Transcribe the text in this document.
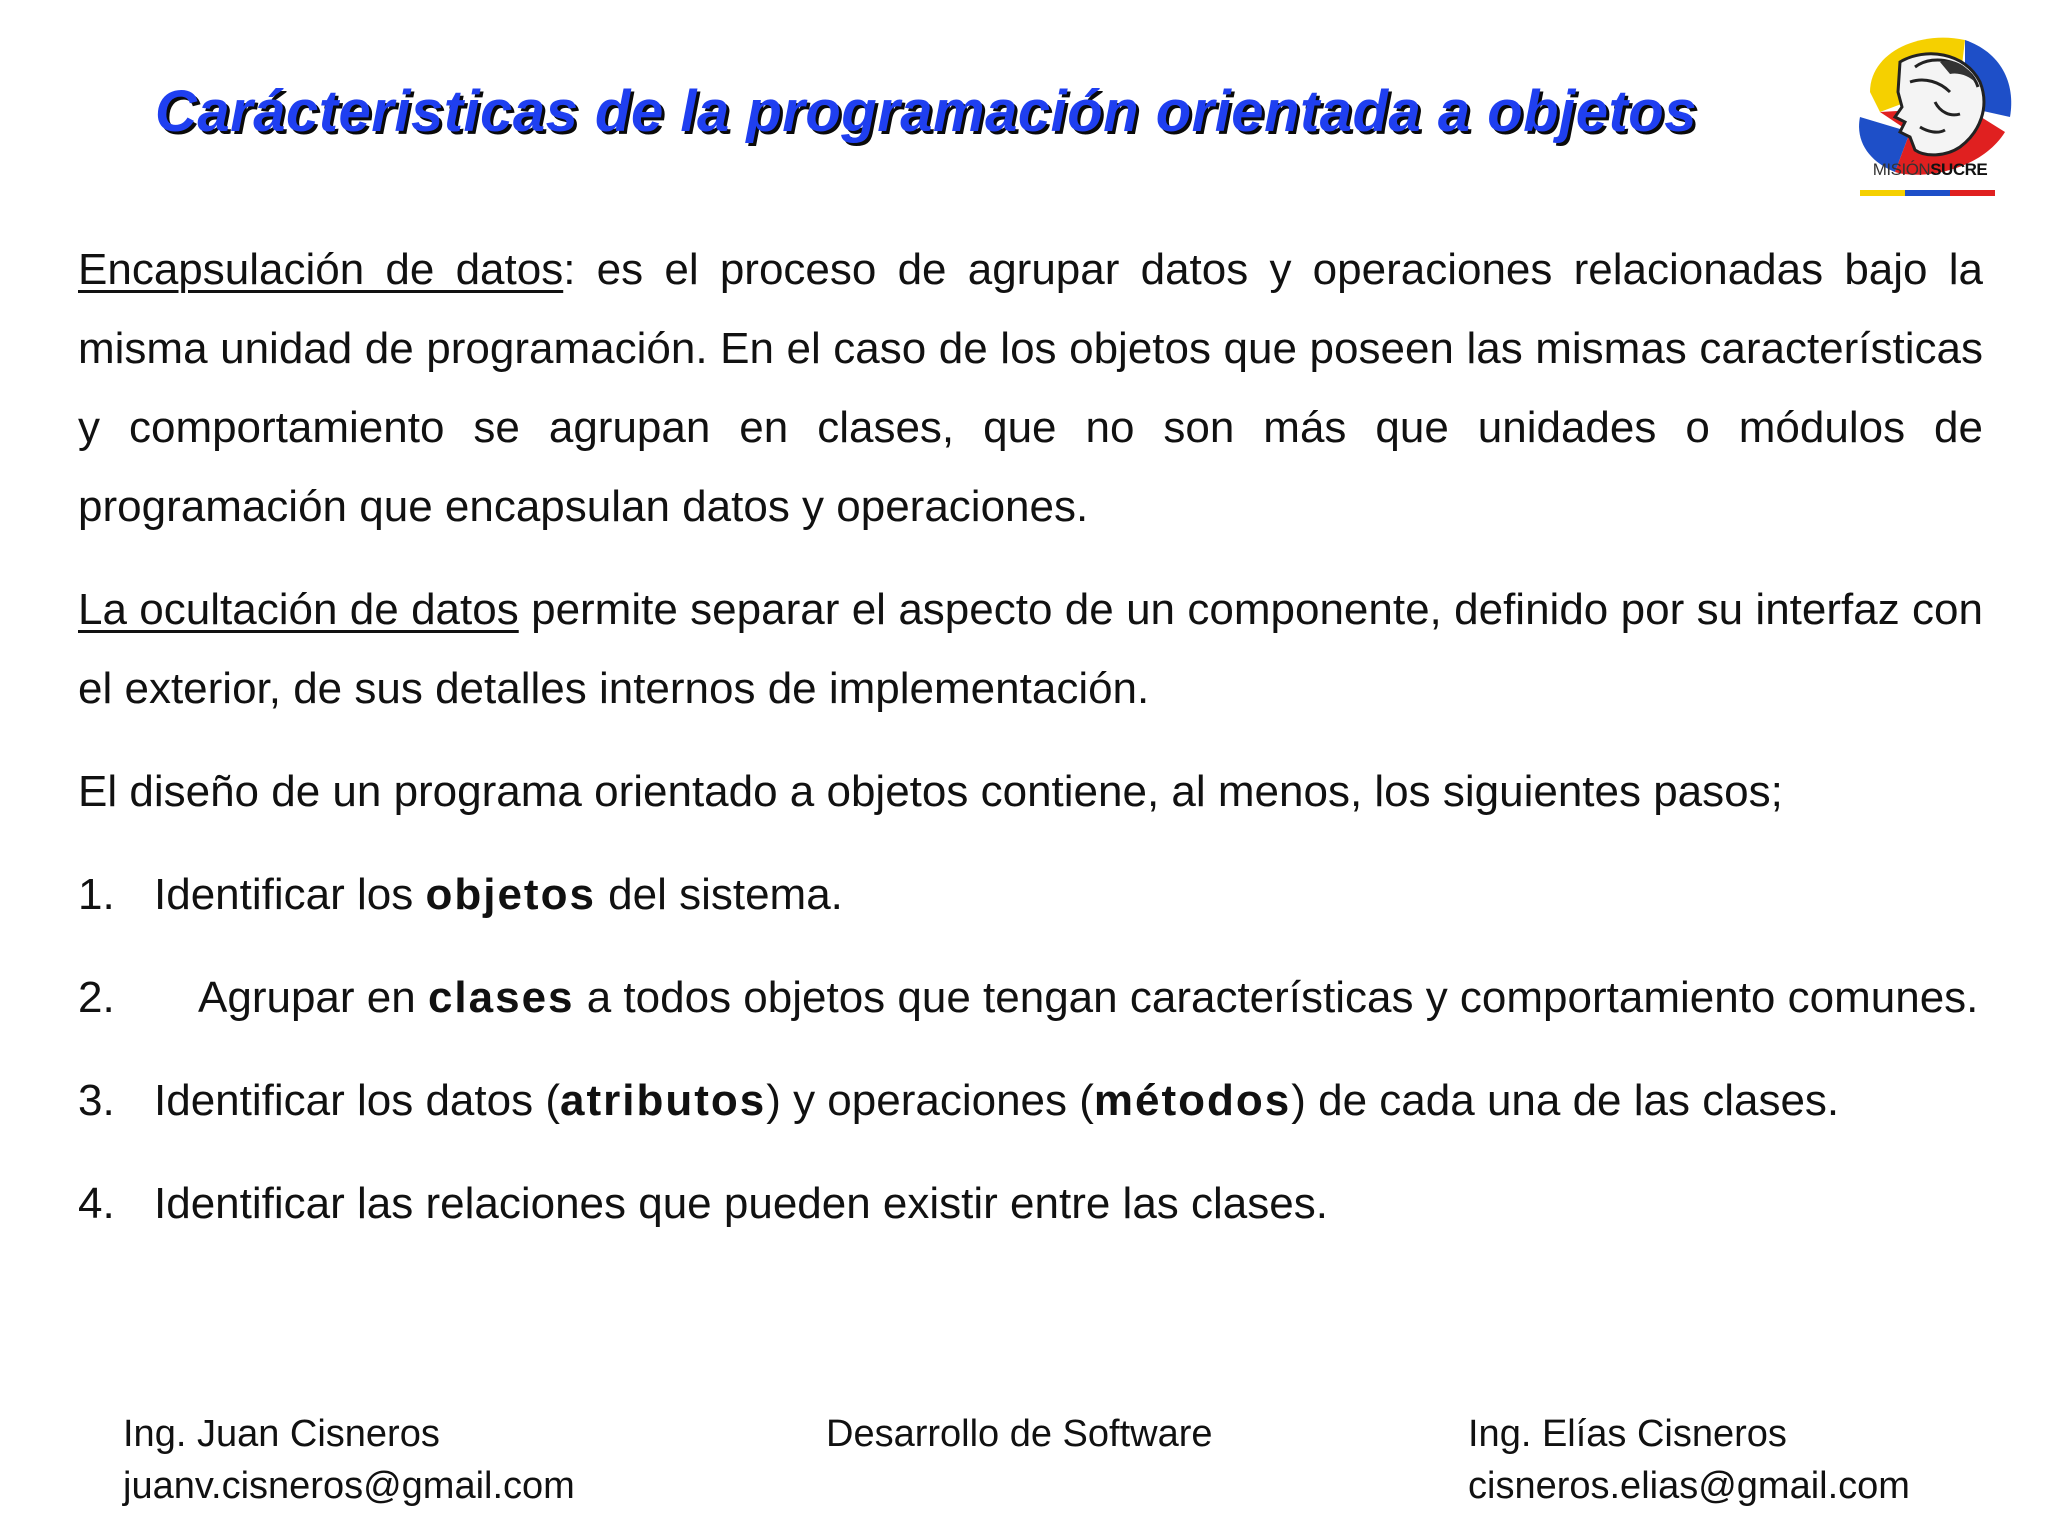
Carácteristicas de la programación orientada a objetos
MISIÓNSUCRE
Encapsulación de datos: es el proceso de agrupar datos y operaciones relacionadas bajo la misma unidad de programación. En el caso de los objetos que poseen las mismas características y comportamiento se agrupan en clases, que no son más que unidades o módulos de programación que encapsulan datos y operaciones.
La ocultación de datos permite separar el aspecto de un componente, definido por su interfaz con el exterior, de sus detalles internos de implementación.
El diseño de un programa orientado a objetos contiene, al menos, los siguientes pasos;
1. Identificar los objetos del sistema.
2. Agrupar en clases a todos objetos que tengan características y comportamiento comunes.
3. Identificar los datos (atributos) y operaciones (métodos) de cada una de las clases.
4. Identificar las relaciones que pueden existir entre las clases.
Ing. Juan Cisneros
juanv.cisneros@gmail.com
Desarrollo de Software	Ing. Elías Cisneros
cisneros.elias@gmail.com
